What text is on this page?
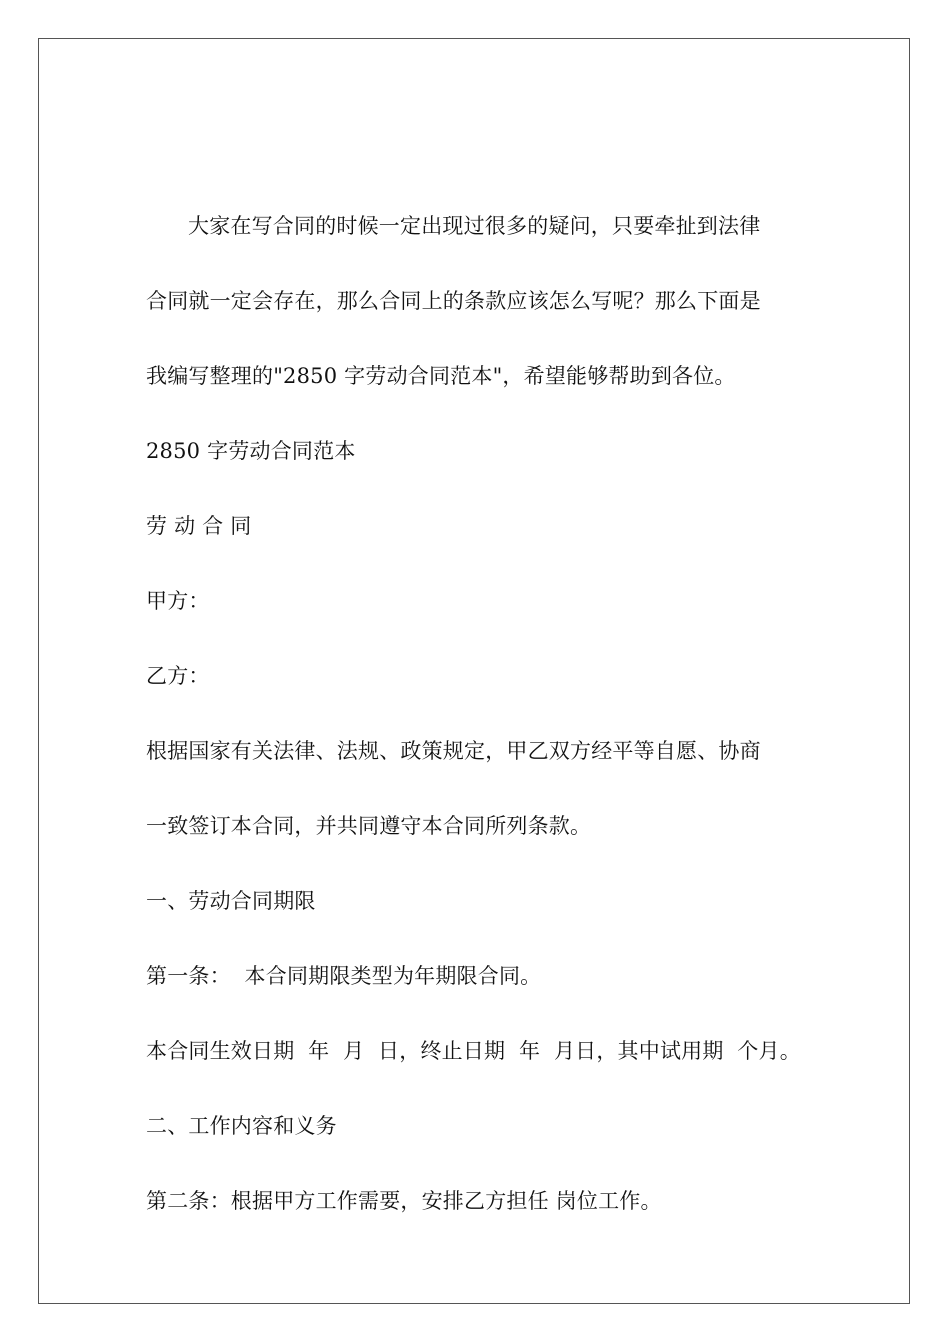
大家在写合同的时候一定出现过很多的疑问，只要牵扯到法律
合同就一定会存在，那么合同上的条款应该怎么写呢？那么下面是
我编写整理的"2850 字劳动合同范本"，希望能够帮助到各位。
2850 字劳动合同范本
劳 动 合 同
甲方：
乙方：
根据国家有关法律、法规、政策规定，甲乙双方经平等自愿、协商
一致签订本合同，并共同遵守本合同所列条款。
一、劳动合同期限
第一条：  本合同期限类型为年期限合同。
本合同生效日期  年  月  日，终止日期  年  月日，其中试用期  个月。
二、工作内容和义务
第二条：根据甲方工作需要，安排乙方担任 岗位工作。
